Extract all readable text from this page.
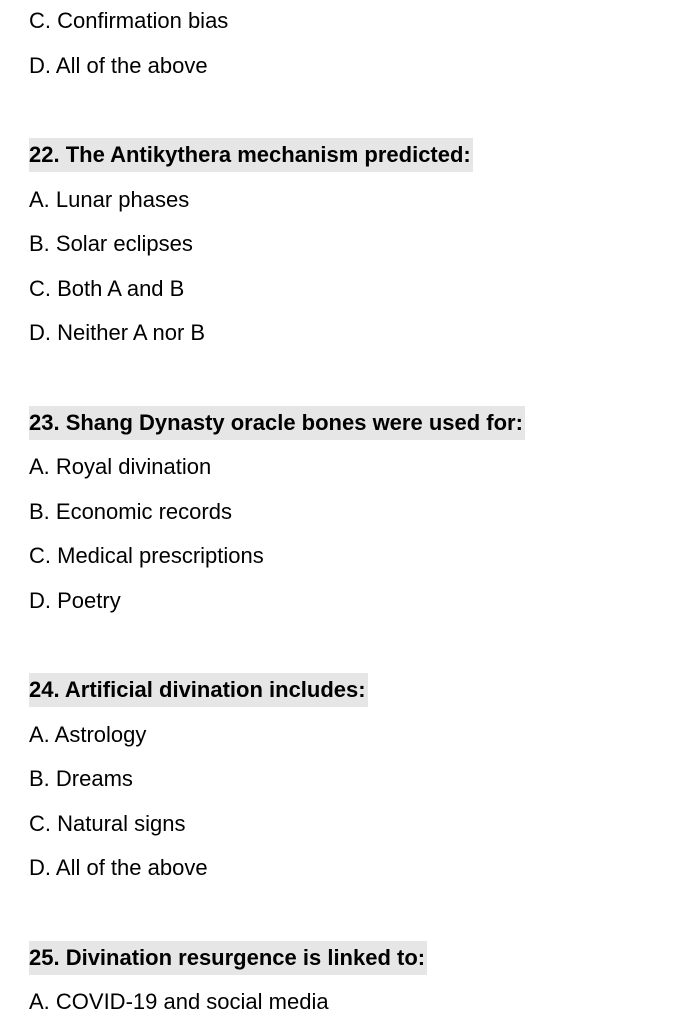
C. Confirmation bias
D. All of the above
22. The Antikythera mechanism predicted:
A. Lunar phases
B. Solar eclipses
C. Both A and B
D. Neither A nor B
23. Shang Dynasty oracle bones were used for:
A. Royal divination
B. Economic records
C. Medical prescriptions
D. Poetry
24. Artificial divination includes:
A. Astrology
B. Dreams
C. Natural signs
D. All of the above
25. Divination resurgence is linked to:
A. COVID-19 and social media
